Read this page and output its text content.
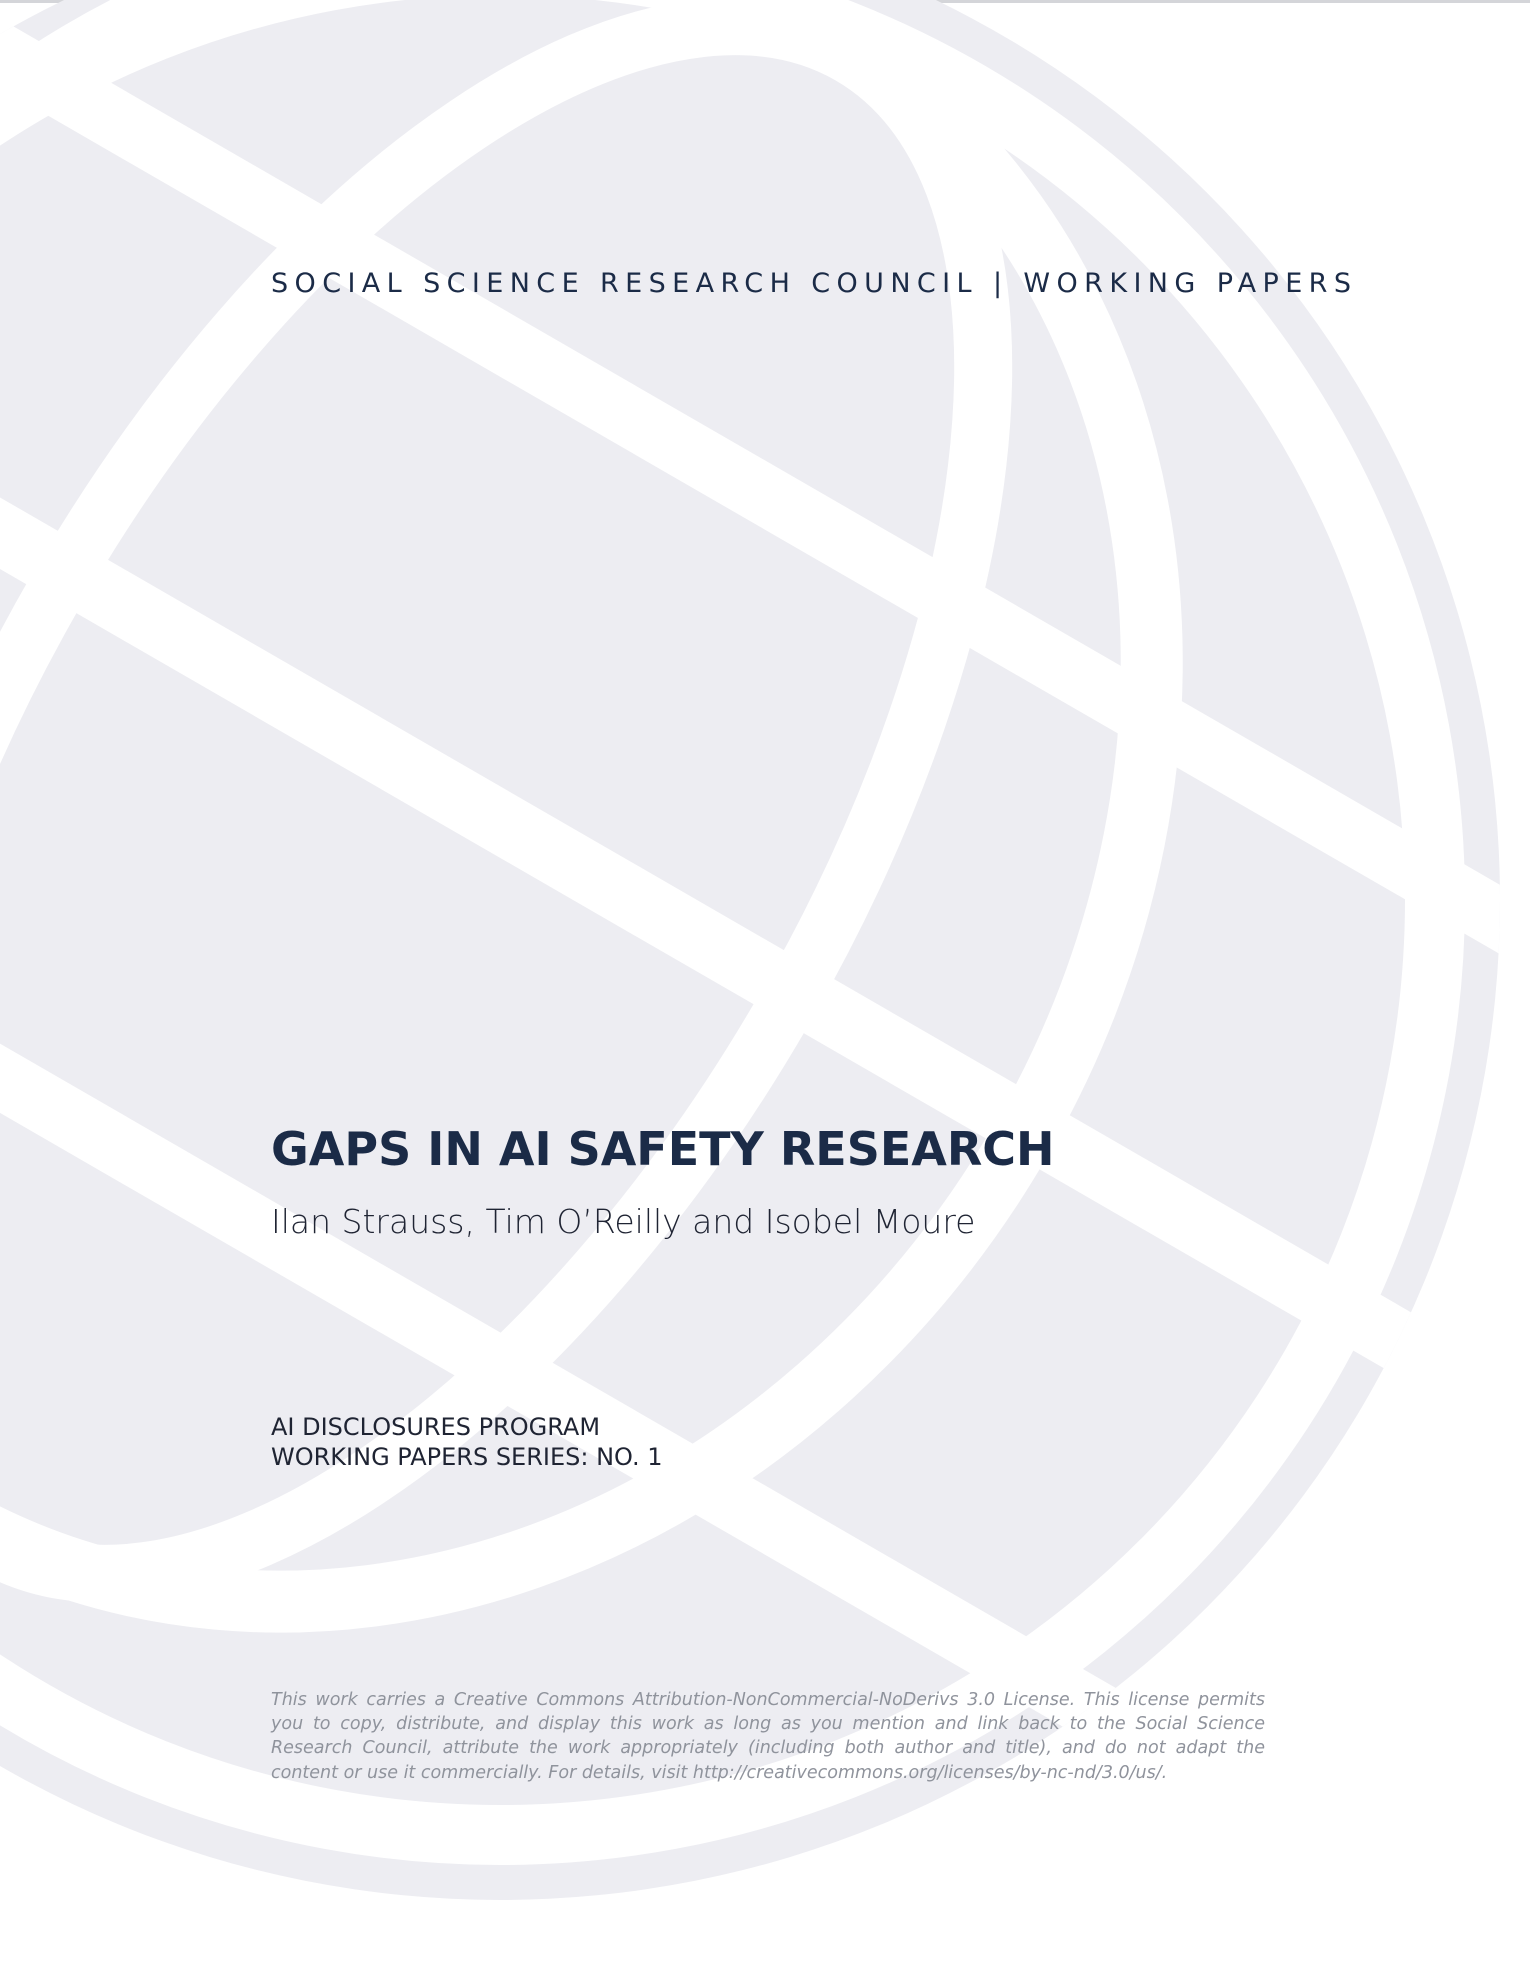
SOCIAL SCIENCE RESEARCH COUNCIL | WORKING PAPERS
GAPS IN AI SAFETY RESEARCH
Ilan Strauss, Tim O’Reilly and Isobel Moure
AI DISCLOSURES PROGRAM
WORKING PAPERS SERIES: NO. 1
This work carries a Creative Commons Attribution-NonCommercial-NoDerivs 3.0 License. This license permits you to copy, distribute, and display this work as long as you mention and link back to the Social Science Research Council, attribute the work appropriately (including both author and title), and do not adapt the content or use it commercially. For details, visit http://creativecommons.org/licenses/by-nc-nd/3.0/us/.
